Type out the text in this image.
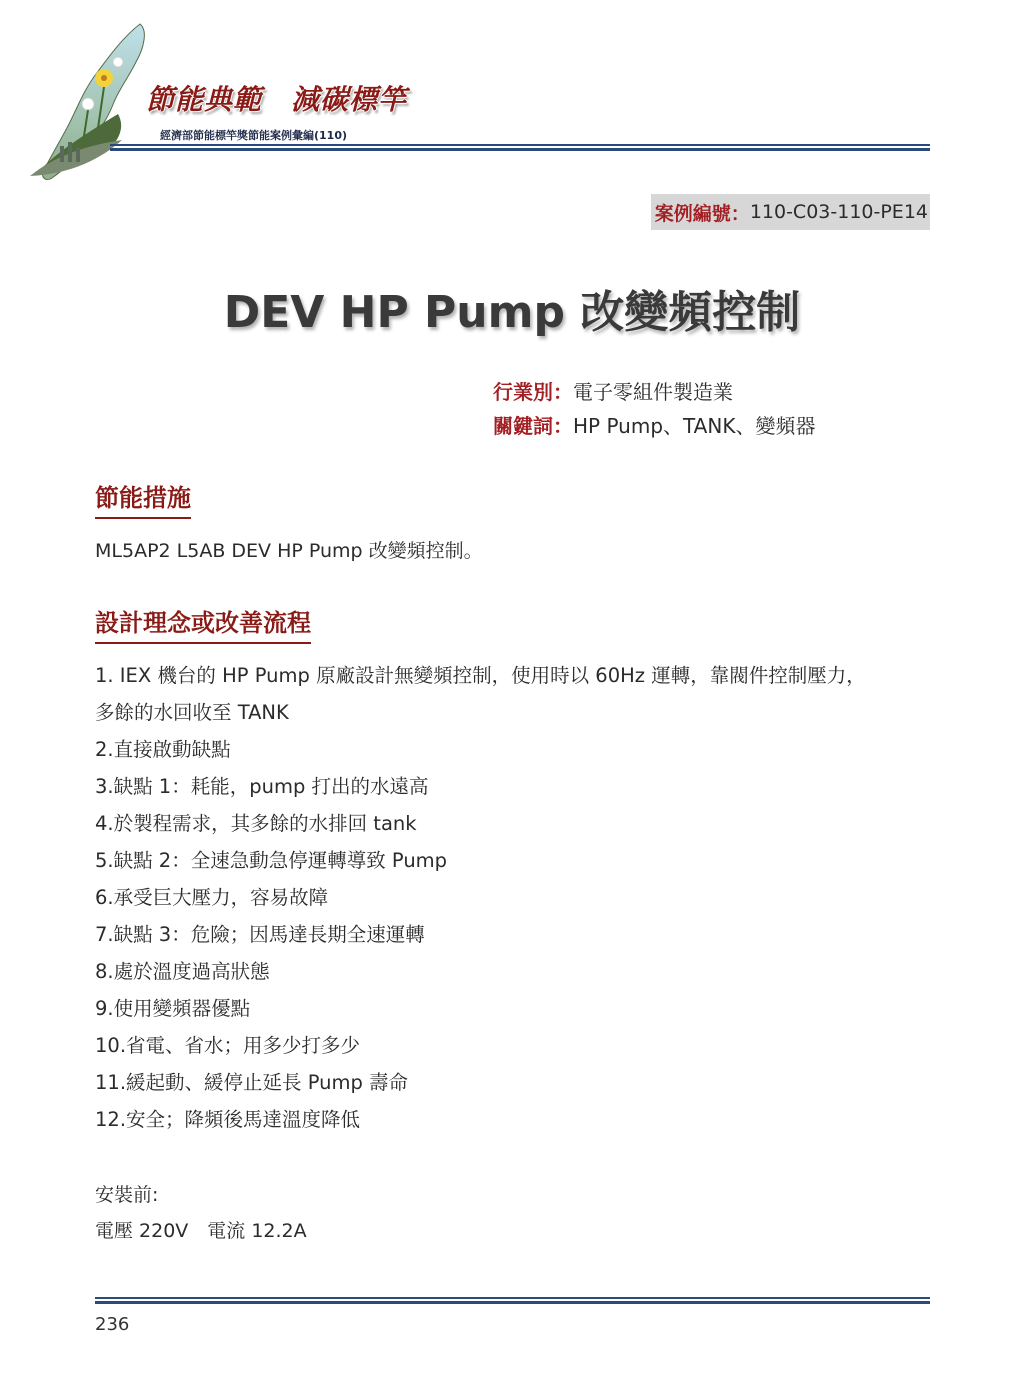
節能典範　減碳標竿

經濟部節能標竿獎節能案例彙編(110)

案例編號： 110-C03-110-PE14
DEV HP Pump 改變頻控制
行業別：電子零組件製造業
關鍵詞：HP Pump、TANK、變頻器
節能措施

ML5AP2 L5AB DEV HP Pump 改變頻控制。

設計理念或改善流程
1. IEX 機台的 HP Pump 原廠設計無變頻控制，使用時以 60Hz 運轉，靠閥件控制壓力，
多餘的水回收至 TANK
2.直接啟動缺點
3.缺點 1：耗能，pump 打出的水遠高
4.於製程需求，其多餘的水排回 tank
5.缺點 2：全速急動急停運轉導致 Pump
6.承受巨大壓力，容易故障
7.缺點 3：危險；因馬達長期全速運轉
8.處於溫度過高狀態
9.使用變頻器優點
10.省電、省水；用多少打多少
11.緩起動、緩停止延長 Pump 壽命
12.安全；降頻後馬達溫度降低

安裝前:

電壓 220V　電流 12.2A

236
